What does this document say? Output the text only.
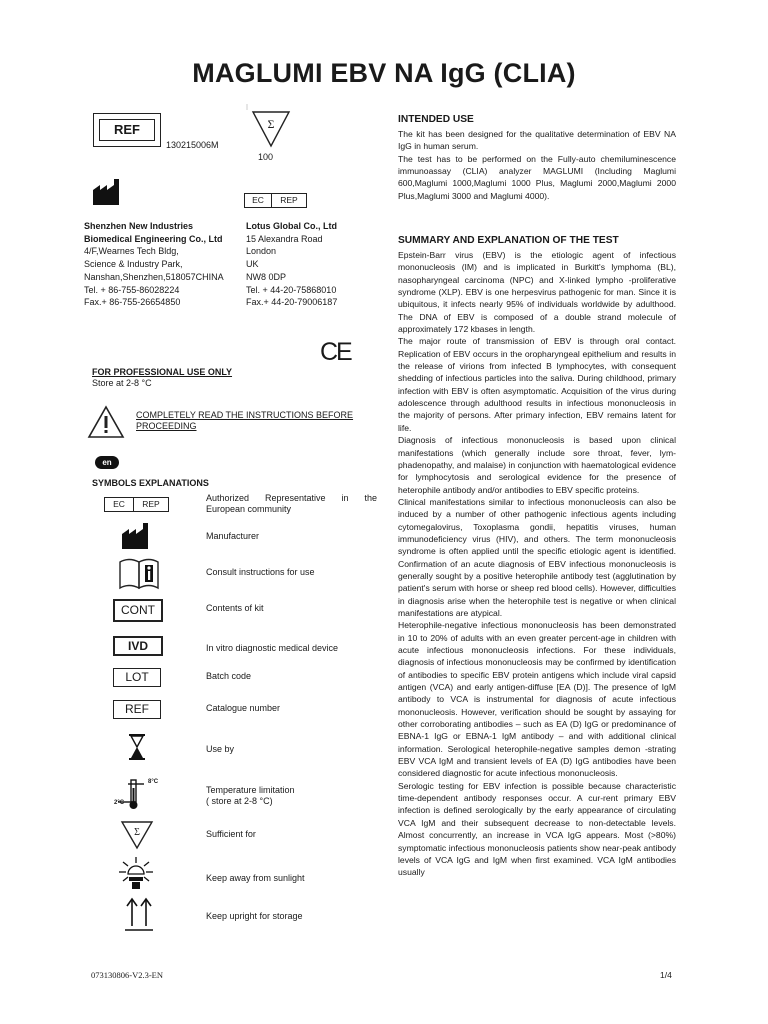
MAGLUMI EBV NA IgG (CLIA)
REF
130215006M
Σ
100
EC	REP
Shenzhen New Industries
Biomedical Engineering Co., Ltd
4/F,Wearnes Tech Bldg,
Science & Industry Park,
Nanshan,Shenzhen,518057CHINA
Tel. + 86-755-86028224
Fax.+ 86-755-26654850
Lotus Global Co., Ltd
15 Alexandra Road
London
UK
NW8 0DP
Tel. + 44-20-75868010
Fax.+ 44-20-79006187
CE
FOR PROFESSIONAL USE ONLY
Store at 2-8 °C
COMPLETELY READ THE INSTRUCTIONS BEFORE PROCEEDING
en
SYMBOLS EXPLANATIONS
EC	REP
Authorized Representative in the European community
Manufacturer
Consult instructions for use
CONT	Contents of kit
IVD	In vitro diagnostic medical device
LOT	Batch code
REF	Catalogue number
Use by
8°C
2°C
Temperature limitation
( store at 2-8 °C)
Σ	Sufficient for
Keep away from sunlight
Keep upright for storage
INTENDED USE

The kit has been designed for the qualitative determination of EBV NA IgG in human serum.

The test has to be performed on the Fully-auto chemiluminescence immunoassay (CLIA) analyzer MAGLUMI (Including Maglumi 600,Maglumi 1000,Maglumi 1000 Plus, Maglumi 2000,Maglumi 2000 Plus,Maglumi 3000 and Maglumi 4000).

SUMMARY AND EXPLANATION OF THE TEST

Epstein-Barr virus (EBV) is the etiologic agent of infectious mononucleosis (IM) and is implicated in Burkitt's lymphoma (BL), nasopharyngeal carcinoma (NPC) and X-linked lympho -proliferative syndrome (XLP). EBV is one herpesvirus pathogenic for man. Since it is ubiquitous, it infects nearly 95% of individuals worldwide by adulthood. The DNA of EBV is composed of a double strand molecule of approximately 172 kbases in length.

The major route of transmission of EBV is through oral contact. Replication of EBV occurs in the oropharyngeal epithelium and results in the release of virions from infected B lymphocytes, with consequent shedding of infectious particles into the saliva. During childhood, primary infection with EBV is often asymptomatic. Acquisition of the virus during adolescence through adulthood results in infectious mononucleosis in the majority of persons. After primary infection, EBV remains latent for life.

Diagnosis of infectious mononucleosis is based upon clinical manifestations (which generally include sore throat, fever, lym-phadenopathy, and malaise) in conjunction with haematological evidence for lymphocytosis and serological evidence for the presence of heterophile antibody and/or antibodies to EBV specific proteins.

Clinical manifestations similar to infectious mononucleosis can also be induced by a number of other pathogenic infectious agents including cytomegalovirus, Toxoplasma gondii, hepatitis viruses, human immunodeficiency virus (HIV), and others. The term mononucleosis syndrome is often applied until the specific etiologic agent is identified. Confirmation of an acute diagnosis of EBV infectious mononucleosis is generally sought by a positive heterophile antibody test (agglutination by patient's serum with horse or sheep red blood cells). However, difficulties in diagnosis arise when the heterophile test is negative or when clinical manifestations are atypical.

Heterophile-negative infectious mononucleosis has been demonstrated in 10 to 20% of adults with an even greater percent-age in children with acute infectious mononucleosis infections. For these individuals, diagnosis of infectious mononucleosis may be confirmed by identification of antibodies to specific EBV protein antigens which include viral capsid antigen (VCA) and early antigen-diffuse [EA (D)]. The presence of IgM antibody to VCA is instrumental for diagnosis of acute infectious mononucleosis. However, verification should be sought by assaying for other corroborating antibodies – such as EA (D) IgG or predominance of EBNA-1 IgG or EBNA-1 IgM antibody – and with additional clinical information. Serological heterophile-negative samples demon -strating EBV VCA IgM and transient levels of EA (D) IgG antibodies have been considered diagnostic for acute infectious mononucleosis.

Serologic testing for EBV infection is possible because characteristic time-dependent antibody responses occur. A cur-rent primary EBV infection is defined serologically by the early appearance of circulating VCA IgM and their subsequent decrease to non-detectable levels. Almost concurrently, an increase in VCA IgG appears. Most (>80%) symptomatic infectious mononucleosis patients show near-peak antibody levels of VCA IgG and IgM when first examined. VCA IgM antibodies usually

073130806-V2.3-EN	1/4
